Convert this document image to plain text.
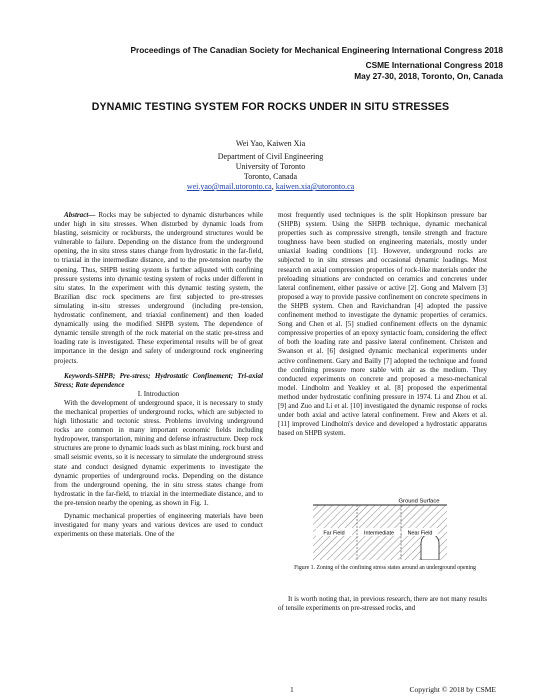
Proceedings of The Canadian Society for Mechanical Engineering International Congress 2018
CSME International Congress 2018
May 27-30, 2018, Toronto, On, Canada
DYNAMIC TESTING SYSTEM FOR ROCKS UNDER IN SITU STRESSES
Wei Yao, Kaiwen Xia
Department of Civil Engineering
University of Toronto
Toronto, Canada
wei.yao@mail.utoronto.ca, kaiwen.xia@utoronto.ca

Abstract— Rocks may be subjected to dynamic disturbances while under high in situ stresses. When disturbed by dynamic loads from blasting, seismicity or rockbursts, the underground structures would be vulnerable to failure. Depending on the distance from the underground opening, the in situ stress states change from hydrostatic in the far-field, to triaxial in the intermediate distance, and to the pre-tension nearby the opening. Thus, SHPB testing system is further adjusted with confining pressure systems into dynamic testing system of rocks under different in situ states. In the experiment with this dynamic testing system, the Brazilian disc rock specimens are first subjected to pre-stresses simulating in-situ stresses underground (including pre-tension, hydrostatic confinement, and triaxial confinement) and then loaded dynamically using the modified SHPB system. The dependence of dynamic tensile strength of the rock material on the static pre-stress and loading rate is investigated. These experimental results will be of great importance in the design and safety of underground rock engineering projects.

Keywords-SHPB; Pre-stress; Hydrostatic Confinement; Tri-axial Stress; Rate dependence

I. Introduction

With the development of underground space, it is necessary to study the mechanical properties of underground rocks, which are subjected to high lithostatic and tectonic stress. Problems involving underground rocks are common in many important economic fields including hydropower, transportation, mining and defense infrastructure. Deep rock structures are prone to dynamic loads such as blast mining, rock burst and small seismic events, so it is necessary to simulate the underground stress state and conduct designed dynamic experiments to investigate the dynamic properties of underground rocks. Depending on the distance from the underground opening, the in situ stress states change from hydrostatic in the far-field, to triaxial in the intermediate distance, and to the pre-tension nearby the opening, as shown in Fig. 1.

Dynamic mechanical properties of engineering materials have been investigated for many years and various devices are used to conduct experiments on these materials. One of the

most frequently used techniques is the split Hopkinson pressure bar (SHPB) system. Using the SHPB technique, dynamic mechanical properties such as compressive strength, tensile strength and fracture toughness have been studied on engineering materials, mostly under uniaxial loading conditions [1]. However, underground rocks are subjected to in situ stresses and occasional dynamic loadings. Most research on axial compression properties of rock-like materials under the preloading situations are conducted on ceramics and concretes under lateral confinement, either passive or active [2]. Gong and Malvern [3] proposed a way to provide passive confinement on concrete specimens in the SHPB system. Chen and Ravichandran [4] adopted the passive confinement method to investigate the dynamic properties of ceramics. Song and Chen et al. [5] studied confinement effects on the dynamic compressive properties of an epoxy syntactic foam, considering the effect of both the loading rate and passive lateral confinement. Christen and Swanson et al. [6] designed dynamic mechanical experiments under active confinement. Gary and Bailly [7] adopted the technique and found the confining pressure more stable with air as the medium. They conducted experiments on concrete and proposed a meso-mechanical model. Lindholm and Yeakley et al. [8] proposed the experimental method under hydrostatic confining pressure in 1974. Li and Zhou et al. [9] and Zuo and Li et al. [10] investigated the dynamic response of rocks under both axial and active lateral confinement. Frew and Akers et al. [11] improved Lindholm's device and developed a hydrostatic apparatus based on SHPB system.

Ground Surface
Far Field	Intermediate	Near Field
Figure 1. Zoning of the confining stress states around an underground opening

It is worth noting that, in previous research, there are not many results of tensile experiments on pre-stressed rocks, and

1	Copyright © 2018 by CSME
